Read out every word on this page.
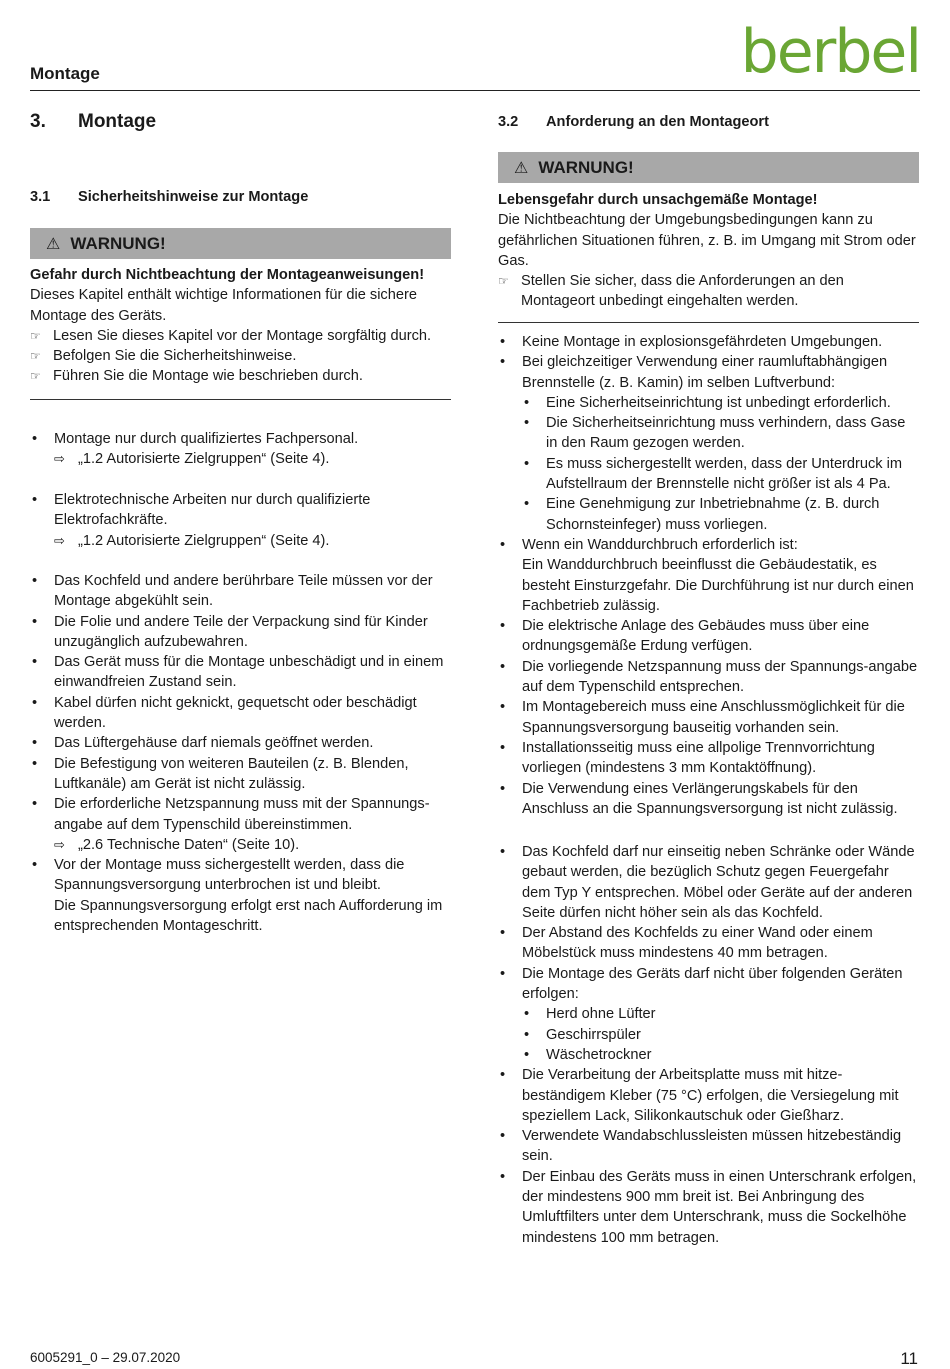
Montage	berbel
3. Montage
3.1 Sicherheitshinweise zur Montage
⚠ WARNUNG!
Gefahr durch Nichtbeachtung der Montageanweisungen!
Dieses Kapitel enthält wichtige Informationen für die sichere Montage des Geräts.
☞ Lesen Sie dieses Kapitel vor der Montage sorgfältig durch.
☞ Befolgen Sie die Sicherheitshinweise.
☞ Führen Sie die Montage wie beschrieben durch.
•	Montage nur durch qualifiziertes Fachpersonal.
⇨ „1.2 Autorisierte Zielgruppen“ (Seite 4).
•	Elektrotechnische Arbeiten nur durch qualifizierte Elektrofachkräfte.
⇨ „1.2 Autorisierte Zielgruppen“ (Seite 4).
•	Das Kochfeld und andere berührbare Teile müssen vor der Montage abgekühlt sein.
•	Die Folie und andere Teile der Verpackung sind für Kinder unzugänglich aufzubewahren.
•	Das Gerät muss für die Montage unbeschädigt und in einem einwandfreien Zustand sein.
•	Kabel dürfen nicht geknickt, gequetscht oder beschädigt werden.
•	Das Lüftergehäuse darf niemals geöffnet werden.
•	Die Befestigung von weiteren Bauteilen (z. B. Blenden, Luftkanäle) am Gerät ist nicht zulässig.
•	Die erforderliche Netzspannung muss mit der Spannungs-angabe auf dem Typenschild übereinstimmen.
⇨ „2.6 Technische Daten“ (Seite 10).
•	Vor der Montage muss sichergestellt werden, dass die Spannungsversorgung unterbrochen ist und bleibt.
Die Spannungsversorgung erfolgt erst nach Aufforderung im entsprechenden Montageschritt.
3.2 Anforderung an den Montageort
⚠ WARNUNG!
Lebensgefahr durch unsachgemäße Montage!
Die Nichtbeachtung der Umgebungsbedingungen kann zu gefährlichen Situationen führen, z. B. im Umgang mit Strom oder Gas.
☞ Stellen Sie sicher, dass die Anforderungen an den Montageort unbedingt eingehalten werden.
•	Keine Montage in explosionsgefährdeten Umgebungen.
•	Bei gleichzeitiger Verwendung einer raumluftabhängigen Brennstelle (z. B. Kamin) im selben Luftverbund:
•	Eine Sicherheitseinrichtung ist unbedingt erforderlich.
•	Die Sicherheitseinrichtung muss verhindern, dass Gase in den Raum gezogen werden.
•	Es muss sichergestellt werden, dass der Unterdruck im Aufstellraum der Brennstelle nicht größer ist als 4 Pa.
•	Eine Genehmigung zur Inbetriebnahme (z. B. durch Schornsteinfeger) muss vorliegen.
•	Wenn ein Wanddurchbruch erforderlich ist:
Ein Wanddurchbruch beeinflusst die Gebäudestatik, es besteht Einsturzgefahr. Die Durchführung ist nur durch einen Fachbetrieb zulässig.
•	Die elektrische Anlage des Gebäudes muss über eine ordnungsgemäße Erdung verfügen.
•	Die vorliegende Netzspannung muss der Spannungs-angabe auf dem Typenschild entsprechen.
•	Im Montagebereich muss eine Anschlussmöglichkeit für die Spannungsversorgung bauseitig vorhanden sein.
•	Installationsseitig muss eine allpolige Trennvorrichtung vorliegen (mindestens 3 mm Kontaktöffnung).
•	Die Verwendung eines Verlängerungskabels für den Anschluss an die Spannungsversorgung ist nicht zulässig.
•	Das Kochfeld darf nur einseitig neben Schränke oder Wände gebaut werden, die bezüglich Schutz gegen Feuergefahr dem Typ Y entsprechen. Möbel oder Geräte auf der anderen Seite dürfen nicht höher sein als das Kochfeld.
•	Der Abstand des Kochfelds zu einer Wand oder einem Möbelstück muss mindestens 40 mm betragen.
•	Die Montage des Geräts darf nicht über folgenden Geräten erfolgen:
•	Herd ohne Lüfter
•	Geschirrspüler
•	Wäschetrockner
•	Die Verarbeitung der Arbeitsplatte muss mit hitze-beständigem Kleber (75 °C) erfolgen, die Versiegelung mit speziellem Lack, Silikonkautschuk oder Gießharz.
•	Verwendete Wandabschlussleisten müssen hitzebeständig sein.
•	Der Einbau des Geräts muss in einen Unterschrank erfolgen, der mindestens 900 mm breit ist. Bei Anbringung des Umluftfilters unter dem Unterschrank, muss die Sockelhöhe mindestens 100 mm betragen.
6005291_0 – 29.07.2020	11
